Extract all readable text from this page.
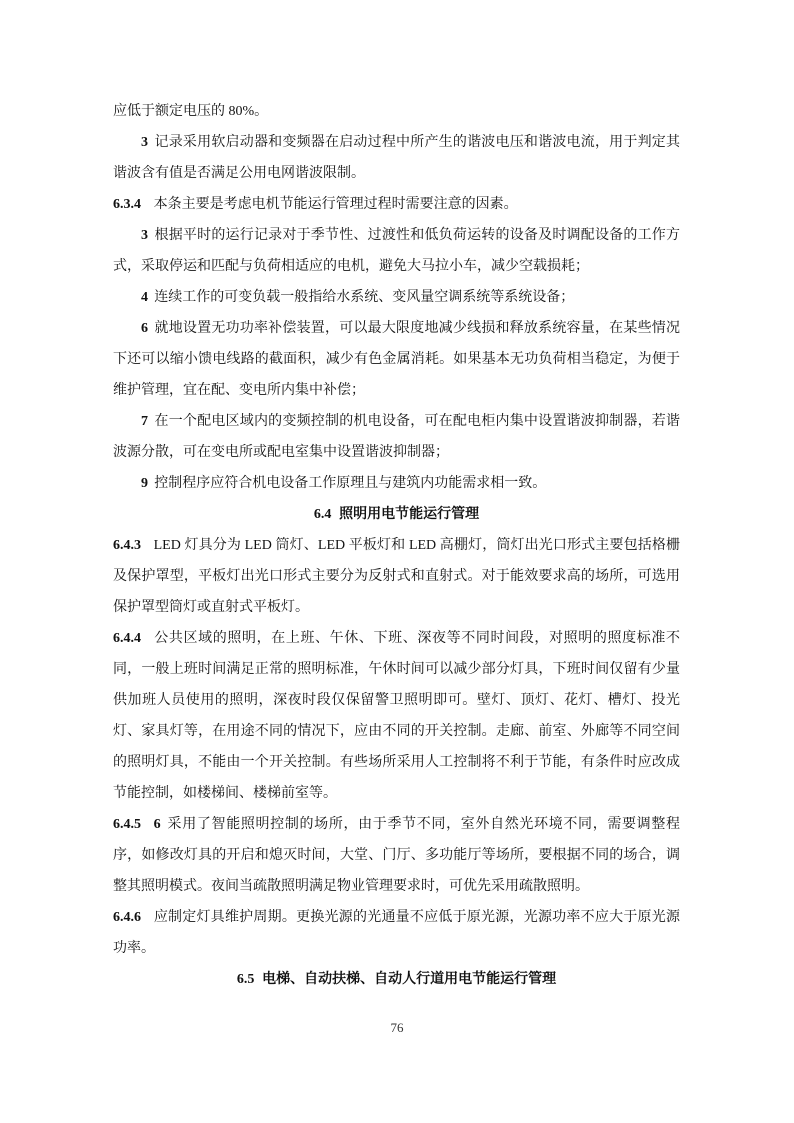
应低于额定电压的 80%。

3 记录采用软启动器和变频器在启动过程中所产生的谐波电压和谐波电流，用于判定其谐波含有值是否满足公用电网谐波限制。

6.3.4 本条主要是考虑电机节能运行管理过程时需要注意的因素。

3 根据平时的运行记录对于季节性、过渡性和低负荷运转的设备及时调配设备的工作方式，采取停运和匹配与负荷相适应的电机，避免大马拉小车，减少空载损耗；

4 连续工作的可变负载一般指给水系统、变风量空调系统等系统设备；

6 就地设置无功功率补偿装置，可以最大限度地减少线损和释放系统容量，在某些情况下还可以缩小馈电线路的截面积，减少有色金属消耗。如果基本无功负荷相当稳定，为便于维护管理，宜在配、变电所内集中补偿；

7 在一个配电区域内的变频控制的机电设备，可在配电柜内集中设置谐波抑制器，若谐波源分散，可在变电所或配电室集中设置谐波抑制器；

9 控制程序应符合机电设备工作原理且与建筑内功能需求相一致。

6.4 照明用电节能运行管理

6.4.3 LED 灯具分为 LED 筒灯、LED 平板灯和 LED 高棚灯，筒灯出光口形式主要包括格栅及保护罩型，平板灯出光口形式主要分为反射式和直射式。对于能效要求高的场所，可选用保护罩型筒灯或直射式平板灯。

6.4.4 公共区域的照明，在上班、午休、下班、深夜等不同时间段，对照明的照度标准不同，一般上班时间满足正常的照明标准，午休时间可以减少部分灯具，下班时间仅留有少量供加班人员使用的照明，深夜时段仅保留警卫照明即可。壁灯、顶灯、花灯、槽灯、投光灯、家具灯等，在用途不同的情况下，应由不同的开关控制。走廊、前室、外廊等不同空间的照明灯具，不能由一个开关控制。有些场所采用人工控制将不利于节能，有条件时应改成节能控制，如楼梯间、楼梯前室等。

6.4.5 6 采用了智能照明控制的场所，由于季节不同，室外自然光环境不同，需要调整程序，如修改灯具的开启和熄灭时间，大堂、门厅、多功能厅等场所，要根据不同的场合，调整其照明模式。夜间当疏散照明满足物业管理要求时，可优先采用疏散照明。

6.4.6 应制定灯具维护周期。更换光源的光通量不应低于原光源，光源功率不应大于原光源功率。

6.5 电梯、自动扶梯、自动人行道用电节能运行管理

76
